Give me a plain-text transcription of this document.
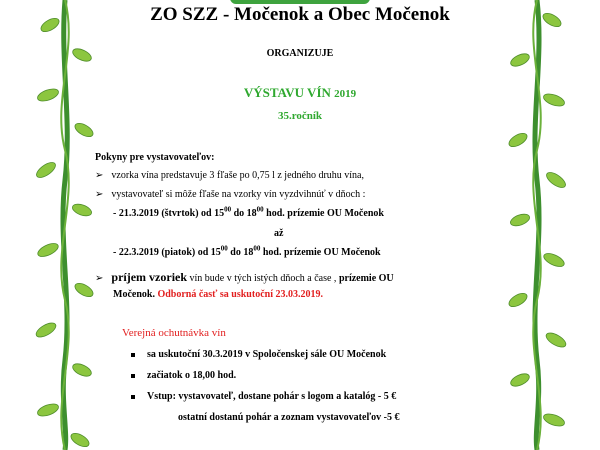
ZO SZZ - Močenok a Obec Močenok
ORGANIZUJE
VÝSTAVU VÍN 2019
35.ročník
Pokyny pre vystavovateľov:
➢ vzorka vína predstavuje 3 fľaše po 0,75 l z jedného druhu vína,
➢ vystavovateľ si môže fľaše na vzorky vín vyzdvihnúť v dňoch :
- 21.3.2019 (štvrtok) od $15^{00}$ do $18^{00}$ hod. prízemie OU Močenok
až
- 22.3.2019 (piatok) od $15^{00}$ do $18^{00}$ hod. prízemie OU Močenok
➢ príjem vzoriek vín bude v tých istých dňoch a čase , prízemie OU
Močenok. Odborná časť sa uskutoční 23.03.2019.
Verejná ochutnávka vín
sa uskutoční 30.3.2019 v Spoločenskej sále OU Močenok
začiatok o 18,00 hod.
Vstup: vystavovateľ, dostane pohár s logom a katalóg - 5 €
ostatní dostanú pohár a zoznam vystavovateľov -5 €
